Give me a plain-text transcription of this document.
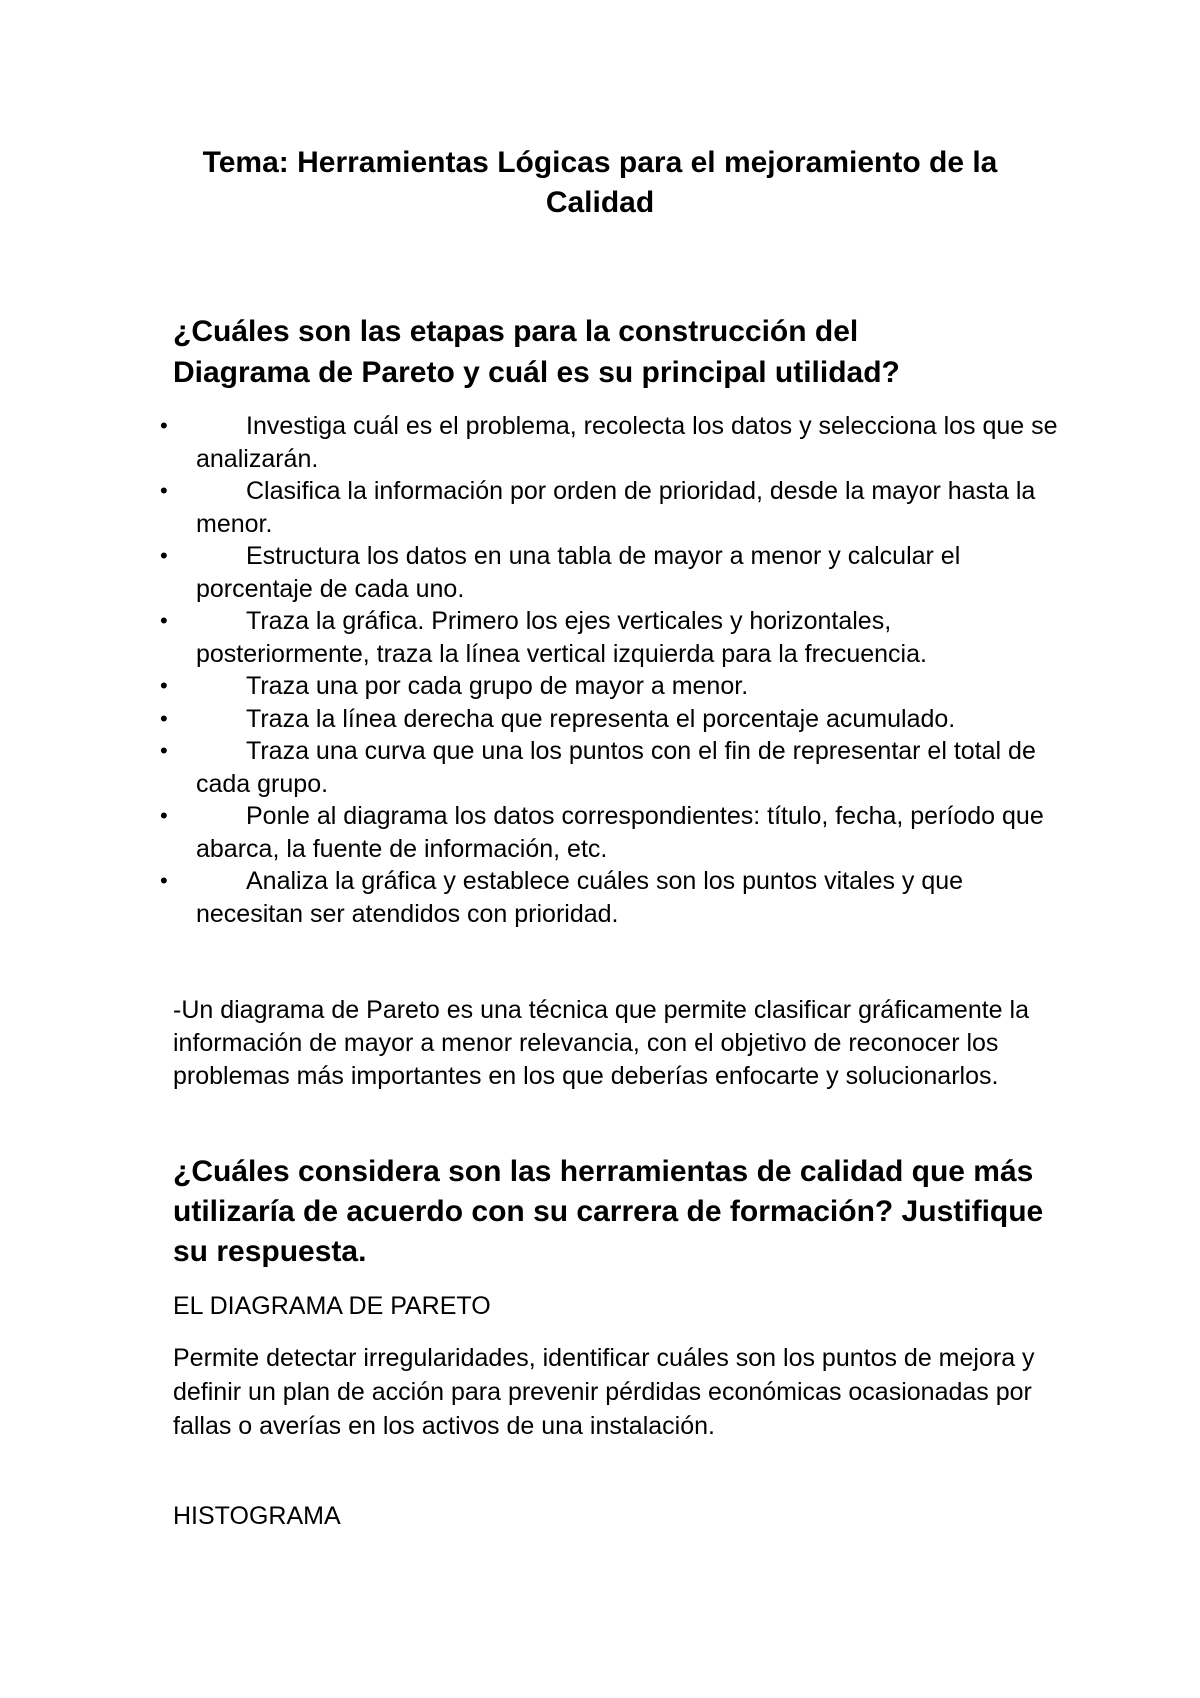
Tema: Herramientas Lógicas para el mejoramiento de la Calidad
¿Cuáles son las etapas para la construcción del Diagrama de Pareto y cuál es su principal utilidad?
•	Investiga cuál es el problema, recolecta los datos y selecciona los que se analizarán.
•	Clasifica la información por orden de prioridad, desde la mayor hasta la menor.
•	Estructura los datos en una tabla de mayor a menor y calcular el porcentaje de cada uno.
•	Traza la gráfica. Primero los ejes verticales y horizontales, posteriormente, traza la línea vertical izquierda para la frecuencia.
•	Traza una por cada grupo de mayor a menor.
•	Traza la línea derecha que representa el porcentaje acumulado.
•	Traza una curva que una los puntos con el fin de representar el total de cada grupo.
•	Ponle al diagrama los datos correspondientes: título, fecha, período que abarca, la fuente de información, etc.
•	Analiza la gráfica y establece cuáles son los puntos vitales y que necesitan ser atendidos con prioridad.

-Un diagrama de Pareto es una técnica que permite clasificar gráficamente la información de mayor a menor relevancia, con el objetivo de reconocer los problemas más importantes en los que deberías enfocarte y solucionarlos.

¿Cuáles considera son las herramientas de calidad que más utilizaría de acuerdo con su carrera de formación? Justifique su respuesta.

EL DIAGRAMA DE PARETO

Permite detectar irregularidades, identificar cuáles son los puntos de mejora y definir un plan de acción para prevenir pérdidas económicas ocasionadas por fallas o averías en los activos de una instalación.

HISTOGRAMA
